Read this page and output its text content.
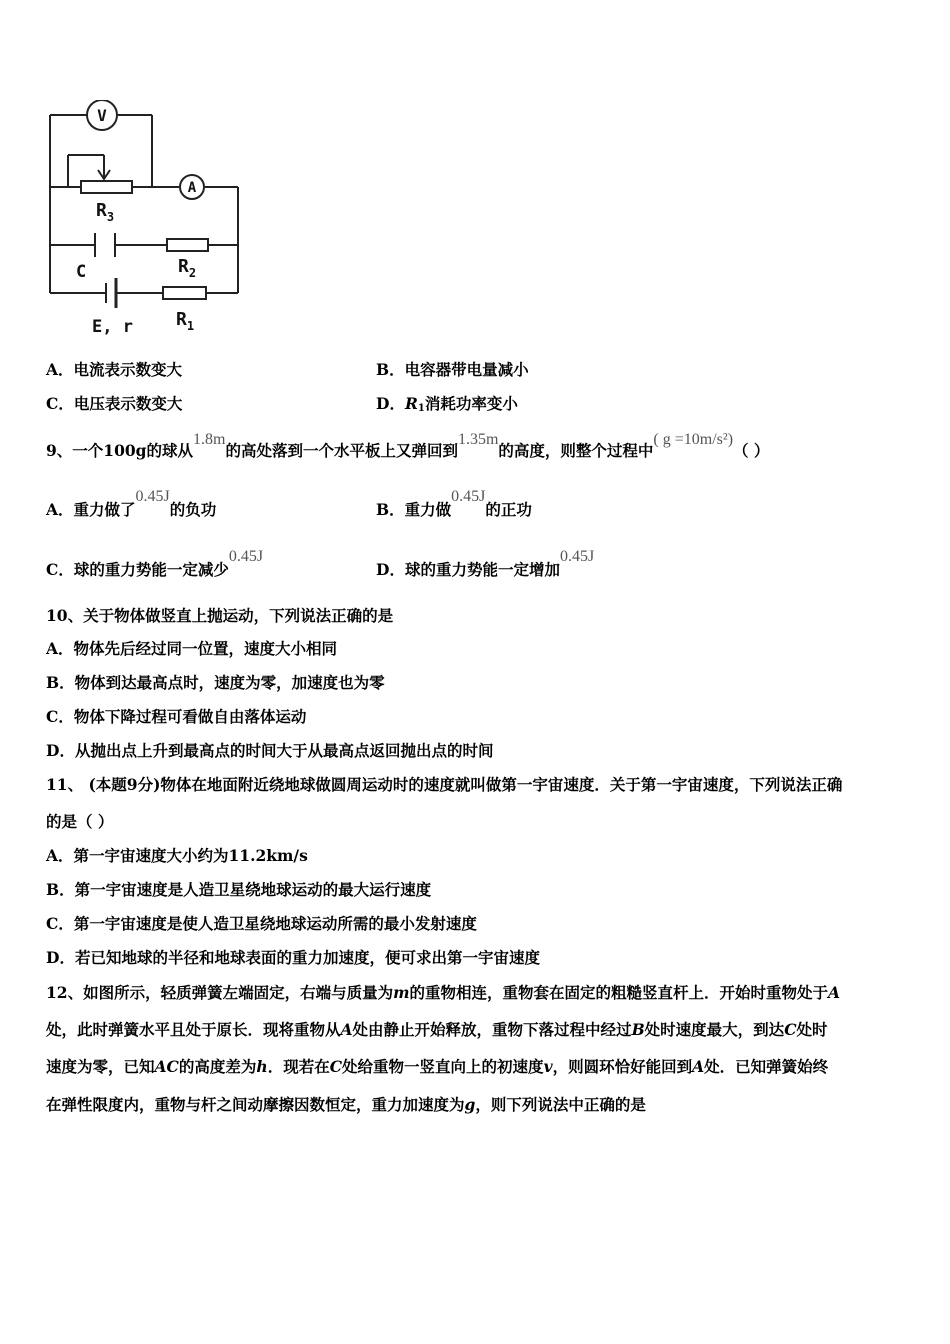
V
A
$R_3$
C	$R_2$
E, r $R_1$
A．电流表示数变大	B．电容器带电量减小
C．电压表示数变大	D．$R_1$消耗功率变小
9、一个100g的球从1.8m的高处落到一个水平板上又弹回到1.35m的高度，则整个过程中( g =10m/s²)（ ）
A．重力做了0.45J的负功	B．重力做0.45J的正功
C．球的重力势能一定减少0.45J
D．球的重力势能一定增加0.45J
10、关于物体做竖直上抛运动，下列说法正确的是
A．物体先后经过同一位置，速度大小相同
B．物体到达最高点时，速度为零，加速度也为零
C．物体下降过程可看做自由落体运动
D．从抛出点上升到最高点的时间大于从最高点返回抛出点的时间
11、 (本题9分)物体在地面附近绕地球做圆周运动时的速度就叫做第一宇宙速度．关于第一宇宙速度，下列说法正确
的是（ ）
A．第一宇宙速度大小约为11.2km/s
B．第一宇宙速度是人造卫星绕地球运动的最大运行速度
C．第一宇宙速度是使人造卫星绕地球运动所需的最小发射速度
D．若已知地球的半径和地球表面的重力加速度，便可求出第一宇宙速度
12、如图所示，轻质弹簧左端固定，右端与质量为m的重物相连，重物套在固定的粗糙竖直杆上．开始时重物处于A
处，此时弹簧水平且处于原长．现将重物从A处由静止开始释放，重物下落过程中经过B处时速度最大，到达C处时
速度为零，已知AC的高度差为h．现若在C处给重物一竖直向上的初速度v，则圆环恰好能回到A处．已知弹簧始终
在弹性限度内，重物与杆之间动摩擦因数恒定，重力加速度为g，则下列说法中正确的是
